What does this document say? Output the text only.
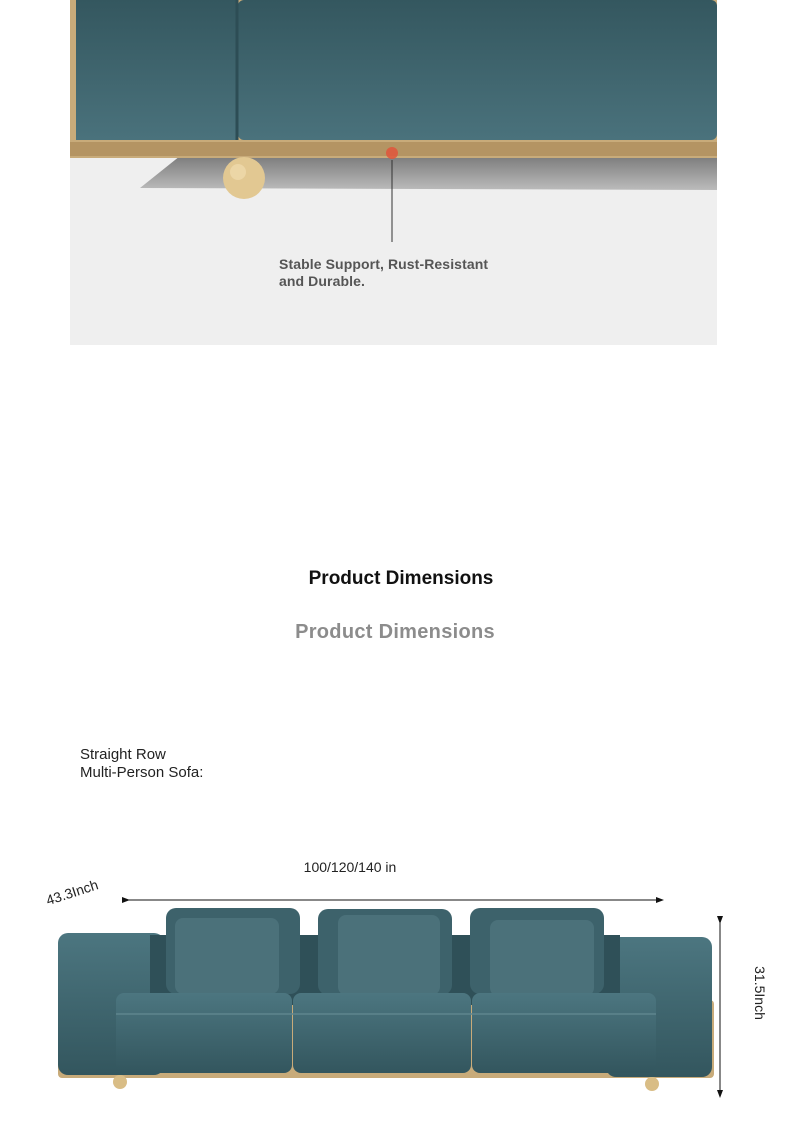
Stable Support, Rust-Resistant
and Durable.
Product Dimensions
Product Dimensions
Straight Row
Multi-Person Sofa:
100/120/140 in
43.3Inch
31.5Inch
